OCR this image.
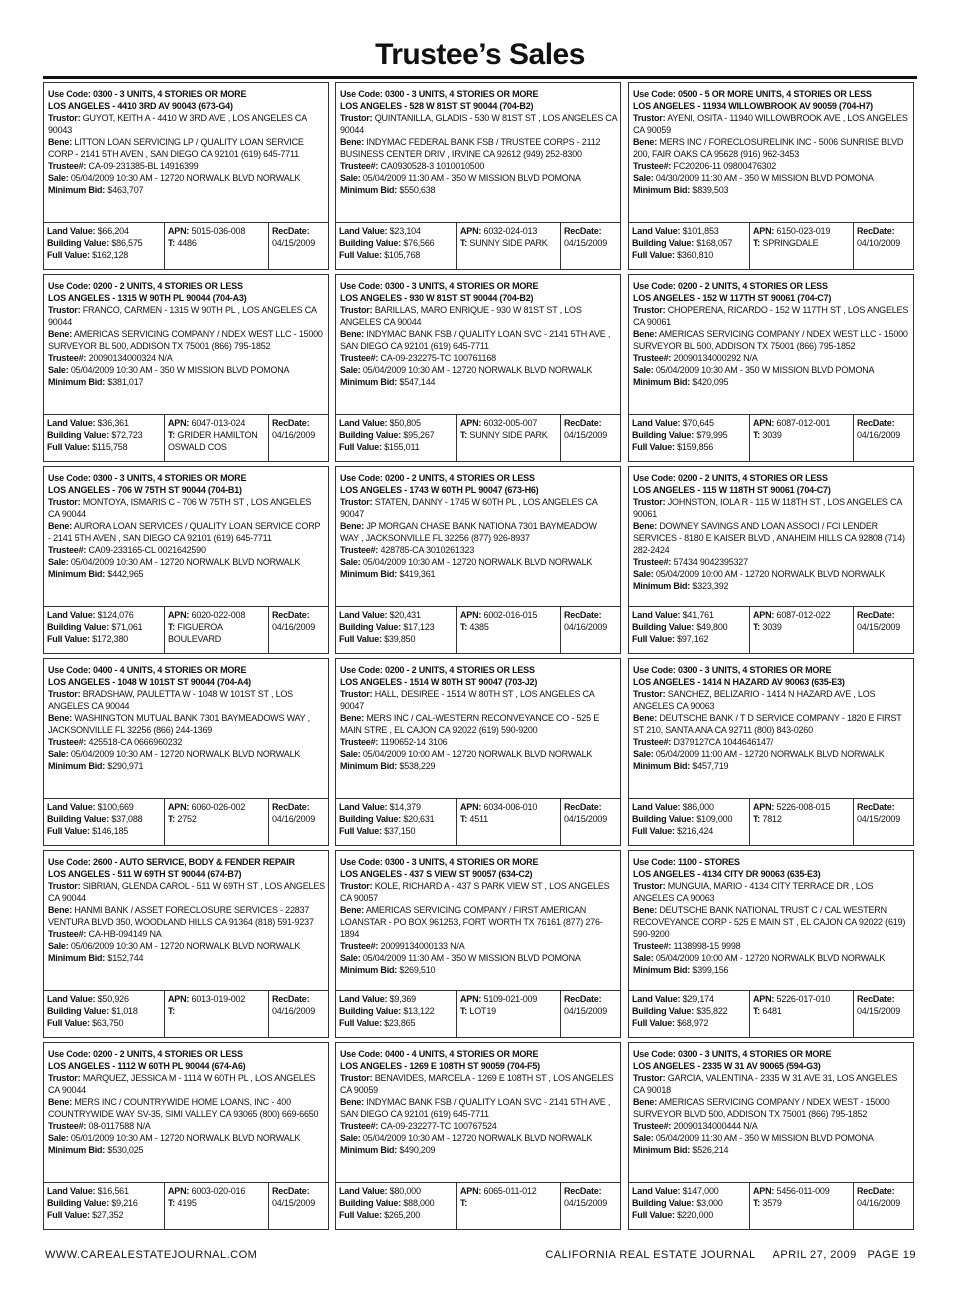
Trustee’s Sales
Use Code: 0300 - 3 UNITS, 4 STORIES OR MORE
LOS ANGELES - 4410 3RD AV 90043 (673-G4)
Trustor: GUYOT, KEITH A - 4410 W 3RD AVE , LOS ANGELES CA 90043
Bene: LITTON LOAN SERVICING LP / QUALITY LOAN SERVICE CORP - 2141 5TH AVEN , SAN DIEGO CA 92101 (619) 645-7711
Trustee#: CA-09-231385-BL 14916399
Sale: 05/04/2009 10:30 AM - 12720 NORWALK BLVD NORWALK
Minimum Bid: $463,707
Land Value: $66,204
Building Value: $86,575
Full Value: $162,128
APN: 5015-036-008
T: 4486
RecDate:
04/15/2009
Use Code: 0200 - 2 UNITS, 4 STORIES OR LESS
LOS ANGELES - 1315 W 90TH PL 90044 (704-A3)
Trustor: FRANCO, CARMEN - 1315 W 90TH PL , LOS ANGELES CA 90044
Bene: AMERICAS SERVICING COMPANY / NDEX WEST LLC - 15000 SURVEYOR BL 500, ADDISON TX 75001 (866) 795-1852
Trustee#: 20090134000324 N/A
Sale: 05/04/2009 10:30 AM - 350 W MISSION BLVD POMONA
Minimum Bid: $381,017
Land Value: $36,361
Building Value: $72,723
Full Value: $115,758
APN: 6047-013-024
T: GRIDER HAMILTON OSWALD COS
RecDate:
04/16/2009
Use Code: 0300 - 3 UNITS, 4 STORIES OR MORE
LOS ANGELES - 706 W 75TH ST 90044 (704-B1)
Trustor: MONTOYA, ISMARIS C - 706 W 75TH ST , LOS ANGELES CA 90044
Bene: AURORA LOAN SERVICES / QUALITY LOAN SERVICE CORP - 2141 5TH AVEN , SAN DIEGO CA 92101 (619) 645-7711
Trustee#: CA09-233165-CL 0021642590
Sale: 05/04/2009 10:30 AM - 12720 NORWALK BLVD NORWALK
Minimum Bid: $442,965
Land Value: $124,076
Building Value: $71,061
Full Value: $172,380
APN: 6020-022-008
T: FIGUEROA BOULEVARD
RecDate:
04/16/2009
Use Code: 0400 - 4 UNITS, 4 STORIES OR MORE
LOS ANGELES - 1048 W 101ST ST 90044 (704-A4)
Trustor: BRADSHAW, PAULETTA W - 1048 W 101ST ST , LOS ANGELES CA 90044
Bene: WASHINGTON MUTUAL BANK 7301 BAYMEADOWS WAY , JACKSONVILLE FL 32256 (866) 244-1369
Trustee#: 425518-CA 0666960232
Sale: 05/04/2009 10:30 AM - 12720 NORWALK BLVD NORWALK
Minimum Bid: $290,971
Land Value: $100,669
Building Value: $37,088
Full Value: $146,185
APN: 6060-026-002
T: 2752
RecDate:
04/16/2009
Use Code: 2600 - AUTO SERVICE, BODY & FENDER REPAIR
LOS ANGELES - 511 W 69TH ST 90044 (674-B7)
Trustor: SIBRIAN, GLENDA CAROL - 511 W 69TH ST , LOS ANGELES CA 90044
Bene: HANMI BANK / ASSET FORECLOSURE SERVICES - 22837 VENTURA BLVD 350, WOODLAND HILLS CA 91364 (818) 591-9237
Trustee#: CA-HB-094149 NA
Sale: 05/06/2009 10:30 AM - 12720 NORWALK BLVD NORWALK
Minimum Bid: $152,744
Land Value: $50,926
Building Value: $1,018
Full Value: $63,750
APN: 6013-019-002
T:
RecDate:
04/16/2009
Use Code: 0200 - 2 UNITS, 4 STORIES OR LESS
LOS ANGELES - 1112 W 60TH PL 90044 (674-A6)
Trustor: MARQUEZ, JESSICA M - 1114 W 60TH PL , LOS ANGELES CA 90044
Bene: MERS INC / COUNTRYWIDE HOME LOANS, INC - 400 COUNTRYWIDE WAY SV-35, SIMI VALLEY CA 93065 (800) 669-6650
Trustee#: 08-0117588 N/A
Sale: 05/01/2009 10:30 AM - 12720 NORWALK BLVD NORWALK
Minimum Bid: $530,025
Land Value: $16,561
Building Value: $9,216
Full Value: $27,352
APN: 6003-020-016
T: 4195
RecDate:
04/15/2009
Use Code: 0300 - 3 UNITS, 4 STORIES OR MORE
LOS ANGELES - 528 W 81ST ST 90044 (704-B2)
Trustor: QUINTANILLA, GLADIS - 530 W 81ST ST , LOS ANGELES CA 90044
Bene: INDYMAC FEDERAL BANK FSB / TRUSTEE CORPS - 2112 BUSINESS CENTER DRIV , IRVINE CA 92612 (949) 252-8300
Trustee#: CA0930528-3 1010010500
Sale: 05/04/2009 11:30 AM - 350 W MISSION BLVD POMONA
Minimum Bid: $550,638
Land Value: $23,104
Building Value: $76,566
Full Value: $105,768
APN: 6032-024-013
T: SUNNY SIDE PARK
RecDate:
04/15/2009
Use Code: 0300 - 3 UNITS, 4 STORIES OR MORE
LOS ANGELES - 930 W 81ST ST 90044 (704-B2)
Trustor: BARILLAS, MARO ENRIQUE - 930 W 81ST ST , LOS ANGELES CA 90044
Bene: INDYMAC BANK FSB / QUALITY LOAN SVC - 2141 5TH AVE , SAN DIEGO CA 92101 (619) 645-7711
Trustee#: CA-09-232275-TC 100761168
Sale: 05/04/2009 10:30 AM - 12720 NORWALK BLVD NORWALK
Minimum Bid: $547,144
Land Value: $50,805
Building Value: $95,267
Full Value: $155,011
APN: 6032-005-007
T: SUNNY SIDE PARK
RecDate:
04/15/2009
Use Code: 0200 - 2 UNITS, 4 STORIES OR LESS
LOS ANGELES - 1743 W 60TH PL 90047 (673-H6)
Trustor: STATEN, DANNY - 1745 W 60TH PL , LOS ANGELES CA 90047
Bene: JP MORGAN CHASE BANK NATIONA 7301 BAYMEADOW WAY , JACKSONVILLE FL 32256 (877) 926-8937
Trustee#: 428785-CA 3010261323
Sale: 05/04/2009 10:30 AM - 12720 NORWALK BLVD NORWALK
Minimum Bid: $419,361
Land Value: $20,431
Building Value: $17,123
Full Value: $39,850
APN: 6002-016-015
T: 4385
RecDate:
04/16/2009
Use Code: 0200 - 2 UNITS, 4 STORIES OR LESS
LOS ANGELES - 1514 W 80TH ST 90047 (703-J2)
Trustor: HALL, DESIREE - 1514 W 80TH ST , LOS ANGELES CA 90047
Bene: MERS INC / CAL-WESTERN RECONVEYANCE CO - 525 E MAIN STRE , EL CAJON CA 92022 (619) 590-9200
Trustee#: 1190652-14 3106
Sale: 05/04/2009 10:00 AM - 12720 NORWALK BLVD NORWALK
Minimum Bid: $538,229
Land Value: $14,379
Building Value: $20,631
Full Value: $37,150
APN: 6034-006-010
T: 4511
RecDate:
04/15/2009
Use Code: 0300 - 3 UNITS, 4 STORIES OR MORE
LOS ANGELES - 437 S VIEW ST 90057 (634-C2)
Trustor: KOLE, RICHARD A - 437 S PARK VIEW ST , LOS ANGELES CA 90057
Bene: AMERICAS SERVICING COMPANY / FIRST AMERICAN LOANSTAR - PO BOX 961253, FORT WORTH TX 76161 (877) 276-1894
Trustee#: 20099134000133 N/A
Sale: 05/04/2009 11:30 AM - 350 W MISSION BLVD POMONA
Minimum Bid: $269,510
Land Value: $9,369
Building Value: $13,122
Full Value: $23,865
APN: 5109-021-009
T: LOT19
RecDate:
04/15/2009
Use Code: 0400 - 4 UNITS, 4 STORIES OR MORE
LOS ANGELES - 1269 E 108TH ST 90059 (704-F5)
Trustor: BENAVIDES, MARCELA - 1269 E 108TH ST , LOS ANGELES CA 90059
Bene: INDYMAC BANK FSB / QUALITY LOAN SVC - 2141 5TH AVE , SAN DIEGO CA 92101 (619) 645-7711
Trustee#: CA-09-232277-TC 100767524
Sale: 05/04/2009 10:30 AM - 12720 NORWALK BLVD NORWALK
Minimum Bid: $490,209
Land Value: $80,000
Building Value: $88,000
Full Value: $265,200
APN: 6065-011-012
T:
RecDate:
04/15/2009
Use Code: 0500 - 5 OR MORE UNITS, 4 STORIES OR LESS
LOS ANGELES - 11934 WILLOWBROOK AV 90059 (704-H7)
Trustor: AYENI, OSITA - 11940 WILLOWBROOK AVE , LOS ANGELES CA 90059
Bene: MERS INC / FORECLOSURELINK INC - 5006 SUNRISE BLVD 200, FAIR OAKS CA 95628 (916) 962-3453
Trustee#: FC20206-11 09800476302
Sale: 04/30/2009 11:30 AM - 350 W MISSION BLVD POMONA
Minimum Bid: $839,503
Land Value: $101,853
Building Value: $168,057
Full Value: $360,810
APN: 6150-023-019
T: SPRINGDALE
RecDate:
04/10/2009
Use Code: 0200 - 2 UNITS, 4 STORIES OR LESS
LOS ANGELES - 152 W 117TH ST 90061 (704-C7)
Trustor: CHOPERENA, RICARDO - 152 W 117TH ST , LOS ANGELES CA 90061
Bene: AMERICAS SERVICING COMPANY / NDEX WEST LLC - 15000 SURVEYOR BL 500, ADDISON TX 75001 (866) 795-1852
Trustee#: 20090134000292 N/A
Sale: 05/04/2009 10:30 AM - 350 W MISSION BLVD POMONA
Minimum Bid: $420,095
Land Value: $70,645
Building Value: $79,995
Full Value: $159,856
APN: 6087-012-001
T: 3039
RecDate:
04/16/2009
Use Code: 0200 - 2 UNITS, 4 STORIES OR LESS
LOS ANGELES - 115 W 118TH ST 90061 (704-C7)
Trustor: JOHNSTON, IOLA R - 115 W 118TH ST , LOS ANGELES CA 90061
Bene: DOWNEY SAVINGS AND LOAN ASSOCI / FCI LENDER SERVICES - 8180 E KAISER BLVD , ANAHEIM HILLS CA 92808 (714) 282-2424
Trustee#: 57434 9042395327
Sale: 05/04/2009 10:00 AM - 12720 NORWALK BLVD NORWALK
Minimum Bid: $323,392
Land Value: $41,761
Building Value: $49,800
Full Value: $97,162
APN: 6087-012-022
T: 3039
RecDate:
04/15/2009
Use Code: 0300 - 3 UNITS, 4 STORIES OR MORE
LOS ANGELES - 1414 N HAZARD AV 90063 (635-E3)
Trustor: SANCHEZ, BELIZARIO - 1414 N HAZARD AVE , LOS ANGELES CA 90063
Bene: DEUTSCHE BANK / T D SERVICE COMPANY - 1820 E FIRST ST 210, SANTA ANA CA 92711 (800) 843-0260
Trustee#: D379127CA 1044646147/
Sale: 05/04/2009 11:00 AM - 12720 NORWALK BLVD NORWALK
Minimum Bid: $457,719
Land Value: $86,000
Building Value: $109,000
Full Value: $216,424
APN: 5226-008-015
T: 7812
RecDate:
04/15/2009
Use Code: 1100 - STORES
LOS ANGELES - 4134 CITY DR 90063 (635-E3)
Trustor: MUNGUIA, MARIO - 4134 CITY TERRACE DR , LOS ANGELES CA 90063
Bene: DEUTSCHE BANK NATIONAL TRUST C / CAL WESTERN RECOVEYANCE CORP - 525 E MAIN ST , EL CAJON CA 92022 (619) 590-9200
Trustee#: 1138998-15 9998
Sale: 05/04/2009 10:00 AM - 12720 NORWALK BLVD NORWALK
Minimum Bid: $399,156
Land Value: $29,174
Building Value: $35,822
Full Value: $68,972
APN: 5226-017-010
T: 6481
RecDate:
04/15/2009
Use Code: 0300 - 3 UNITS, 4 STORIES OR MORE
LOS ANGELES - 2335 W 31 AV 90065 (594-G3)
Trustor: GARCIA, VALENTINA - 2335 W 31 AVE 31, LOS ANGELES CA 90018
Bene: AMERICAS SERVICING COMPANY / NDEX WEST - 15000 SURVEYOR BLVD 500, ADDISON TX 75001 (866) 795-1852
Trustee#: 20090134000444 N/A
Sale: 05/04/2009 11:30 AM - 350 W MISSION BLVD POMONA
Minimum Bid: $526,214
Land Value: $147,000
Building Value: $3,000
Full Value: $220,000
APN: 5456-011-009
T: 3579
RecDate:
04/16/2009
WWW.CAREALESTATEJOURNAL.COM	CALIFORNIA REAL ESTATE JOURNAL     APRIL 27, 2009   PAGE 19
